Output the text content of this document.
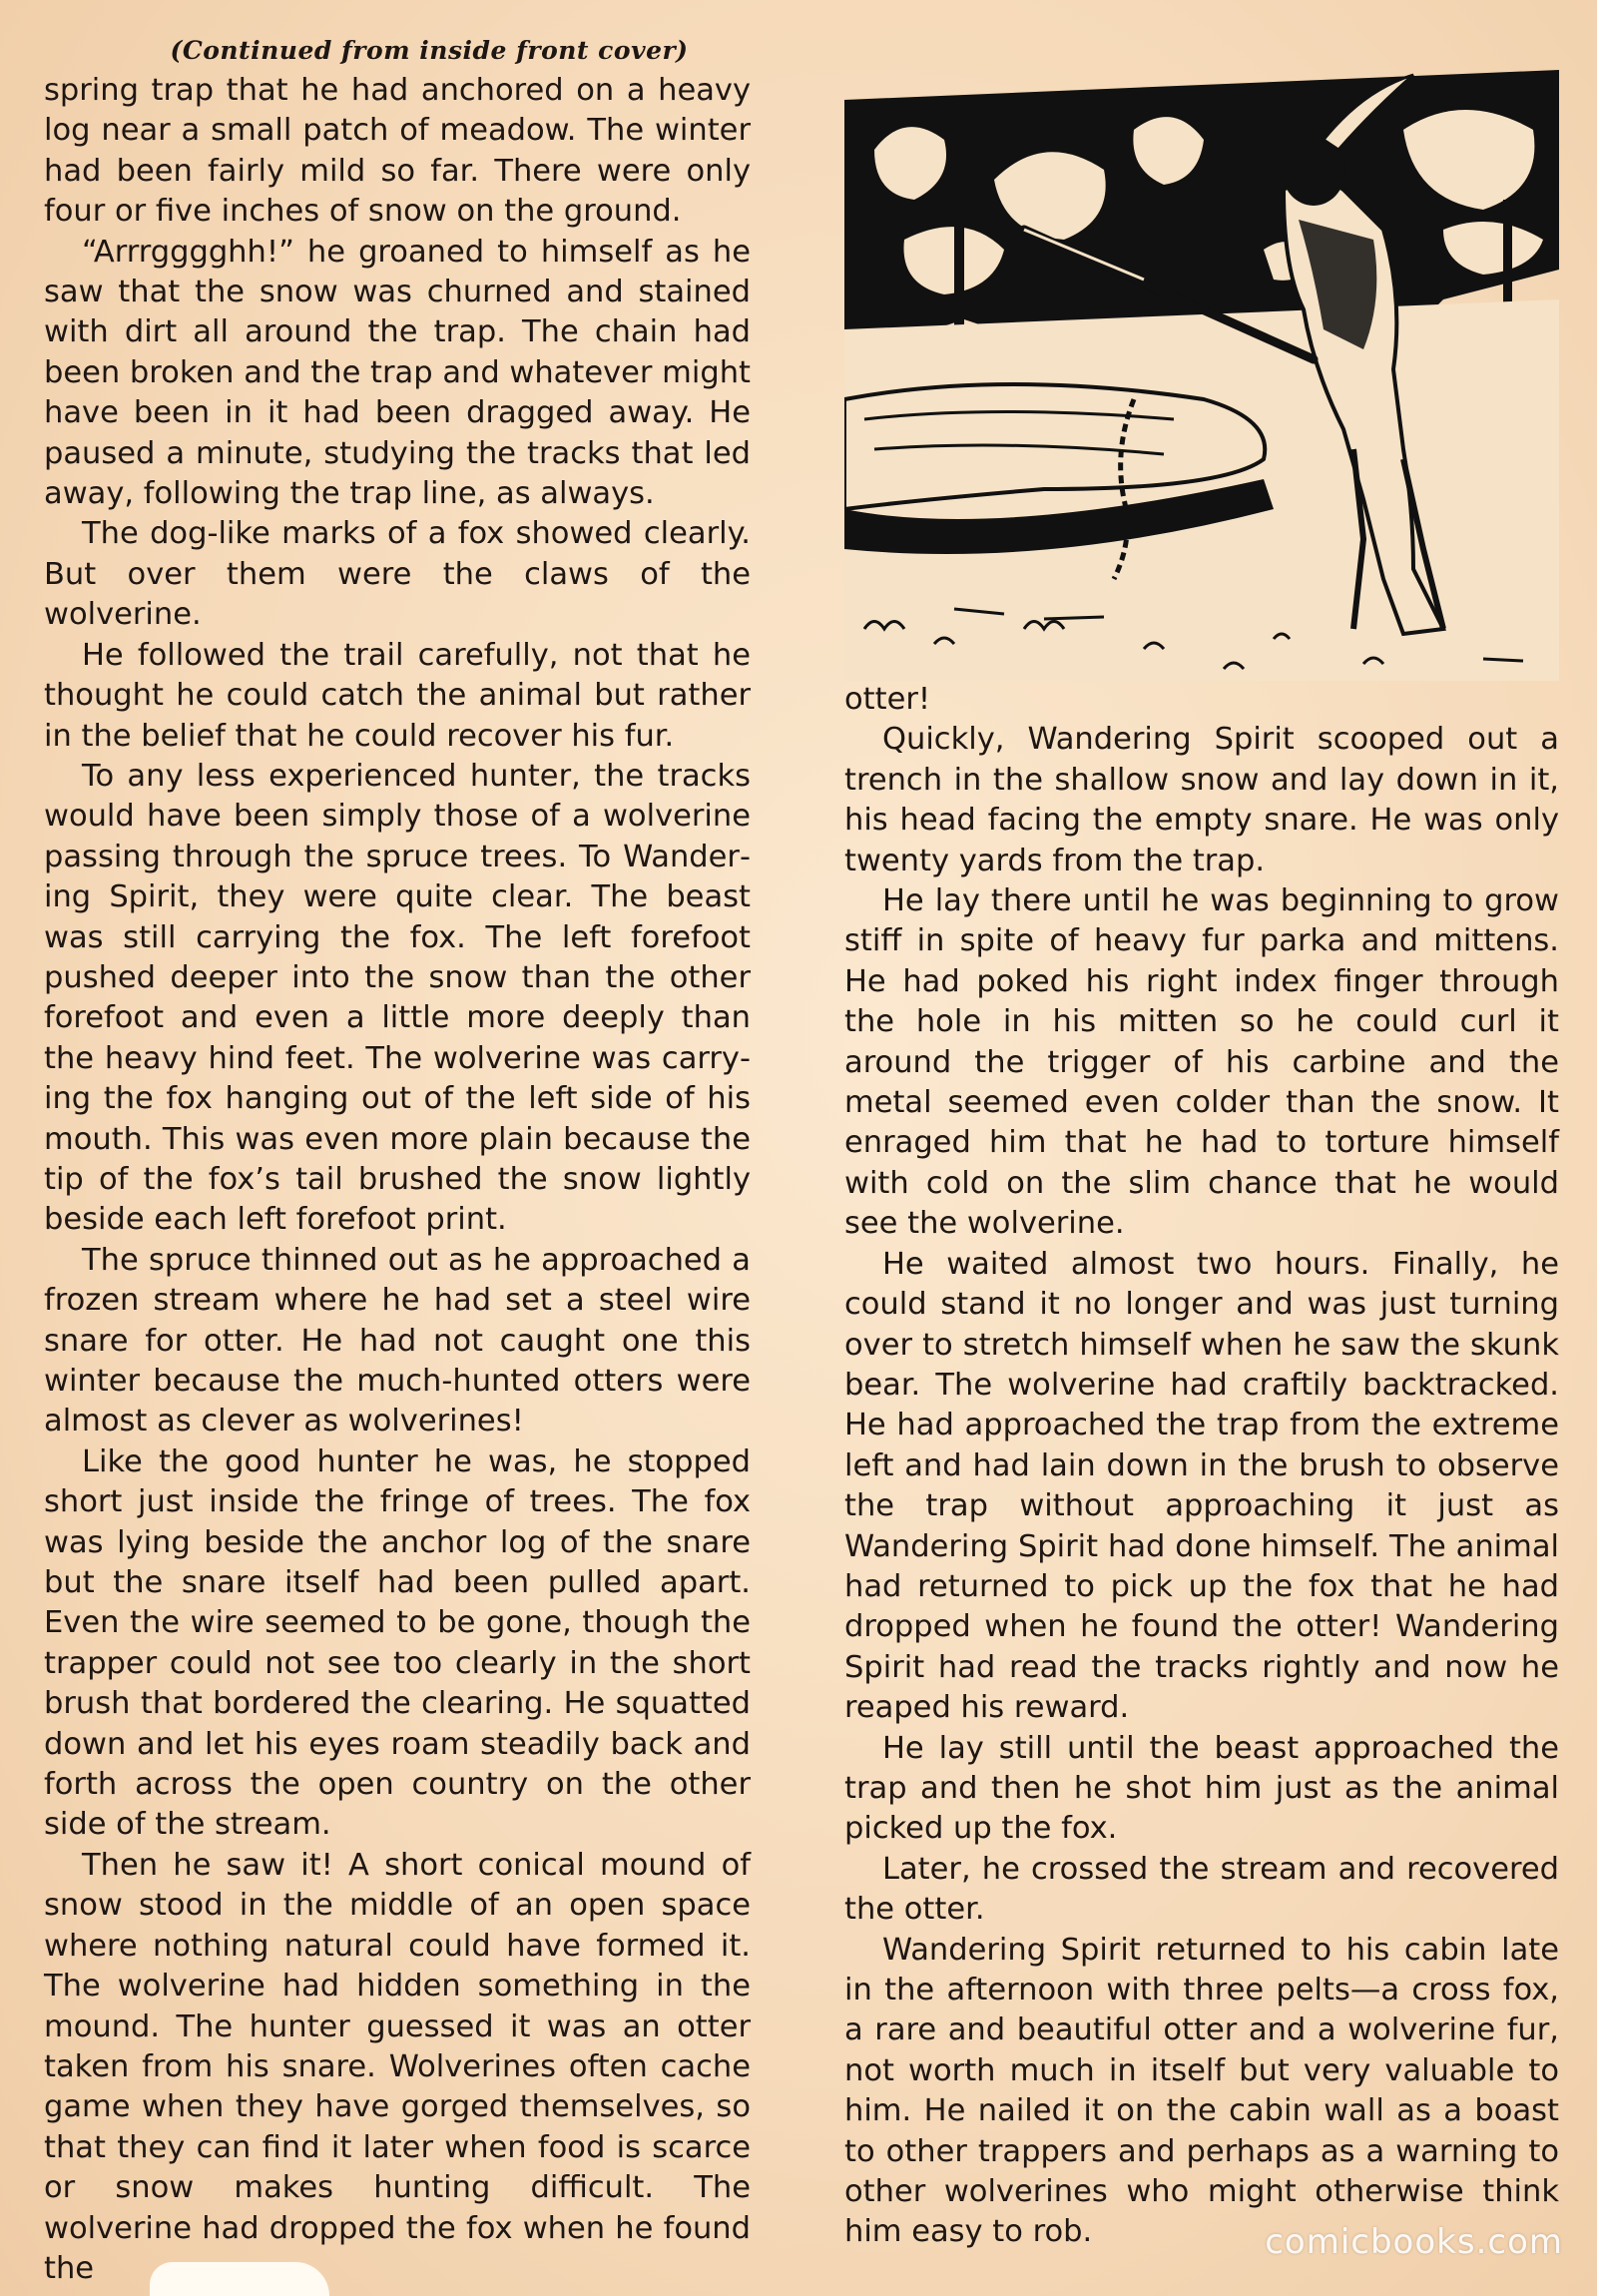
(Continued from inside front cover)

spring trap that he had anchored on a heavy log near a small patch of meadow. The winter had been fairly mild so far. There were only four or five inches of snow on the ground.

“Arrrgggghh!” he groaned to himself as he saw that the snow was churned and stained with dirt all around the trap. The chain had been broken and the trap and whatever might have been in it had been dragged away. He paused a minute, studying the tracks that led away, following the trap line, as always.

The dog-like marks of a fox showed clearly. But over them were the claws of the wolverine.

He followed the trail carefully, not that he thought he could catch the animal but rather in the belief that he could recover his fur.

To any less experienced hunter, the tracks would have been simply those of a wolverine passing through the spruce trees. To Wandering Spirit, they were quite clear. The beast was still carrying the fox. The left forefoot pushed deeper into the snow than the other forefoot and even a little more deeply than the heavy hind feet. The wolverine was carrying the fox hanging out of the left side of his mouth. This was even more plain because the tip of the fox’s tail brushed the snow lightly beside each left forefoot print.

The spruce thinned out as he approached a frozen stream where he had set a steel wire snare for otter. He had not caught one this winter because the much-hunted otters were almost as clever as wolverines!

Like the good hunter he was, he stopped short just inside the fringe of trees. The fox was lying beside the anchor log of the snare but the snare itself had been pulled apart. Even the wire seemed to be gone, though the trapper could not see too clearly in the short brush that bordered the clearing. He squatted down and let his eyes roam steadily back and forth across the open country on the other side of the stream.

Then he saw it! A short conical mound of snow stood in the middle of an open space where nothing natural could have formed it. The wolverine had hidden something in the mound. The hunter guessed it was an otter taken from his snare. Wolverines often cache game when they have gorged themselves, so that they can find it later when food is scarce or snow makes hunting difficult. The wolverine had dropped the fox when he found the

otter!

Quickly, Wandering Spirit scooped out a trench in the shallow snow and lay down in it, his head facing the empty snare. He was only twenty yards from the trap.

He lay there until he was beginning to grow stiff in spite of heavy fur parka and mittens. He had poked his right index finger through the hole in his mitten so he could curl it around the trigger of his carbine and the metal seemed even colder than the snow. It enraged him that he had to torture himself with cold on the slim chance that he would see the wolverine.

He waited almost two hours. Finally, he could stand it no longer and was just turning over to stretch himself when he saw the skunk bear. The wolverine had craftily backtracked. He had approached the trap from the extreme left and had lain down in the brush to observe the trap without approaching it just as Wandering Spirit had done himself. The animal had returned to pick up the fox that he had dropped when he found the otter! Wandering Spirit had read the tracks rightly and now he reaped his reward.

He lay still until the beast approached the trap and then he shot him just as the animal picked up the fox.

Later, he crossed the stream and recovered the otter.

Wandering Spirit returned to his cabin late in the afternoon with three pelts—a cross fox, a rare and beautiful otter and a wolverine fur, not worth much in itself but very valuable to him. He nailed it on the cabin wall as a boast to other trappers and perhaps as a warning to other wolverines who might otherwise think him easy to rob.	comicbooks.com
